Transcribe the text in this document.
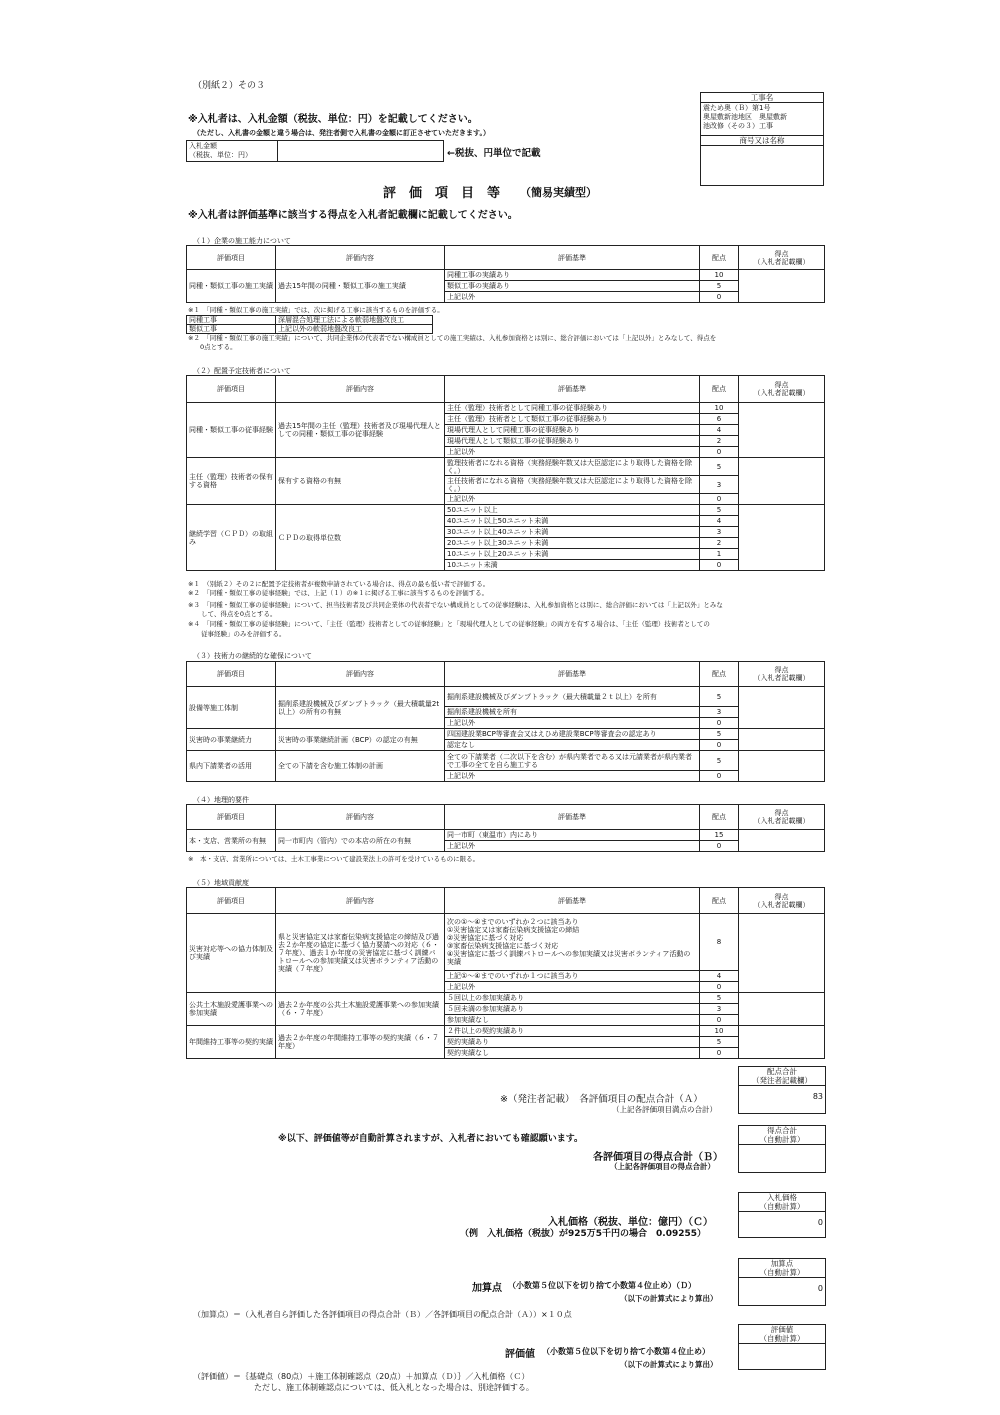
（別紙２）その３
工事名
震ため奥（Ｂ）第1号
奥屋敷新池地区　奥屋敷新
池改修（その３）工事
商号又は名称
※入札者は、入札金額（税抜、単位：円）を記載してください。
（ただし、入札書の金額と違う場合は、発注者側で入札書の金額に訂正させていただきます。）
入札金額
（税抜、単位：円）	←税抜、円単位で記載
評　価　項　目　等 （簡易実績型）
※入札者は評価基準に該当する得点を入札者記載欄に記載してください。
（１）企業の施工能力について
評価項目	評価内容	評価基準	配点	得点
（入札者記載欄）
同種・類似工事の施工実績	過去15年間の同種・類似工事の施工実績	同種工事の実績あり	10	
		類似工事の実績あり	5	
		上記以外	0	
※１　「同種・類似工事の施工実績」では、次に掲げる工事に該当するものを評価する。
同種工事	深層混合処理工法による軟弱地盤改良工
類似工事	上記以外の軟弱地盤改良工
※２　「同種・類似工事の施工実績」について、共同企業体の代表者でない構成員としての施工実績は、入札参加資格とは別に、総合評価においては「上記以外」とみなして、得点を
0点とする。
（２）配置予定技術者について
評価項目	評価内容	評価基準	配点	得点
（入札者記載欄）
同種・類似工事の従事経験	過去15年間の主任（監理）技術者及び現場代理人としての同種・類似工事の従事経験	主任（監理）技術者として同種工事の従事経験あり	10	
		主任（監理）技術者として類似工事の従事経験あり	6	
		現場代理人として同種工事の従事経験あり	4	
		現場代理人として類似工事の従事経験あり	2	
		上記以外	0	
主任（監理）技術者の保有する資格	保有する資格の有無	監理技術者になれる資格（実務経験年数又は大臣認定により取得した資格を除く。）	5	
		主任技術者になれる資格（実務経験年数又は大臣認定により取得した資格を除く。）	3	
		上記以外	0	
継続学習（ＣＰＤ）の取組み	ＣＰＤの取得単位数	50ユニット以上	5	
		40ユニット以上50ユニット未満	4	
		30ユニット以上40ユニット未満	3	
		20ユニット以上30ユニット未満	2	
		10ユニット以上20ユニット未満	1	
		10ユニット未満	0	
※１　（別紙２）その２に配置予定技術者が複数申請されている場合は、得点の最も低い者で評価する。
※２　「同種・類似工事の従事経験」では、上記（１）の※１に掲げる工事に該当するものを評価する。
※３　「同種・類似工事の従事経験」について、担当技術者及び共同企業体の代表者でない構成員としての従事経験は、入札参加資格とは別に、総合評価においては「上記以外」とみな
　　して、得点を0点とする。
※４　「同種・類似工事の従事経験」について、「主任（監理）技術者としての従事経験」と「現場代理人としての従事経験」の両方を有する場合は、「主任（監理）技術者としての
　　従事経験」のみを評価する。
（３）技術力の継続的な確保について
評価項目	評価内容	評価基準	配点	得点
（入札者記載欄）
設備等施工体制	掘削系建設機械及びダンプトラック（最大積載量2t以上）の所有の有無	掘削系建設機械及びダンプトラック（最大積載量２ｔ以上）を所有	5	
		掘削系建設機械を所有	3	
		上記以外	0	
災害時の事業継続力	災害時の事業継続計画（BCP）の認定の有無	四国建設業BCP等審査会又はえひめ建設業BCP等審査会の認定あり	5	
		認定なし	0	
県内下請業者の活用	全ての下請を含む施工体制の計画	全ての下請業者（二次以下を含む）が県内業者である又は元請業者が県内業者で工事の全てを自ら施工する	5	
		上記以外	0	
（４）地理的要件
評価項目	評価内容	評価基準	配点	得点
（入札者記載欄）
本・支店、営業所の有無	同一市町内（管内）での本店の所在の有無	同一市町（東温市）内にあり	15	
		上記以外	0	
※　本・支店、営業所については、土木工事業について建設業法上の許可を受けているものに限る。
（５）地域貢献度
評価項目	評価内容	評価基準	配点	得点
（入札者記載欄）
災害対応等への協力体制及び実績	県と災害協定又は家畜伝染病支援協定の締結及び過去２か年度の協定に基づく協力要請への対応（６・７年度）、過去１か年度の災害協定に基づく訓練パトロールへの参加実績又は災害ボランティア活動の実績（７年度）	次の①～④までのいずれか２つに該当あり
①災害協定又は家畜伝染病支援協定の締結
②災害協定に基づく対応
③家畜伝染病支援協定に基づく対応
④災害協定に基づく訓練パトロールへの参加実績又は災害ボランティア活動の実績	8	
		上記①～④までのいずれか１つに該当あり	4	
		上記以外	0	
公共土木施設愛護事業への参加実績	過去２か年度の公共土木施設愛護事業への参加実績（６・７年度）	５回以上の参加実績あり	5	
		５回未満の参加実績あり	3	
		参加実績なし	0	
年間維持工事等の契約実績	過去２か年度の年間維持工事等の契約実績（６・７年度）	２件以上の契約実績あり	10	
		契約実績あり	5	
		契約実績なし	0	
配点合計
（発注者記載欄）
83
※（発注者記載）　各評価項目の配点合計（Ａ）
（上記各評価項目満点の合計）
※以下、評価値等が自動計算されますが、入札者においても確認願います。
得点合計
（自動計算）
各評価項目の得点合計（Ｂ）
（上記各評価項目の得点合計）
入札価格
（自動計算）
0
入札価格（税抜、単位：億円）（Ｃ）
（例　入札価格（税抜）が925万5千円の場合　0.09255）
加算点
（自動計算）
0
加算点 （小数第５位以下を切り捨て小数第４位止め）（Ｄ）
（以下の計算式により算出）
（加算点）＝（入札者自ら評価した各評価項目の得点合計（Ｂ）／各評価項目の配点合計（Ａ））×１０点
評価値
（自動計算）
評価値 （小数第５位以下を切り捨て小数第４位止め）
（以下の計算式により算出）
（評価値）＝｛基礎点（80点）＋施工体制確認点（20点）＋加算点（Ｄ）｝／入札価格（Ｃ）
ただし、施工体制確認点については、低入札となった場合は、別途評価する。
